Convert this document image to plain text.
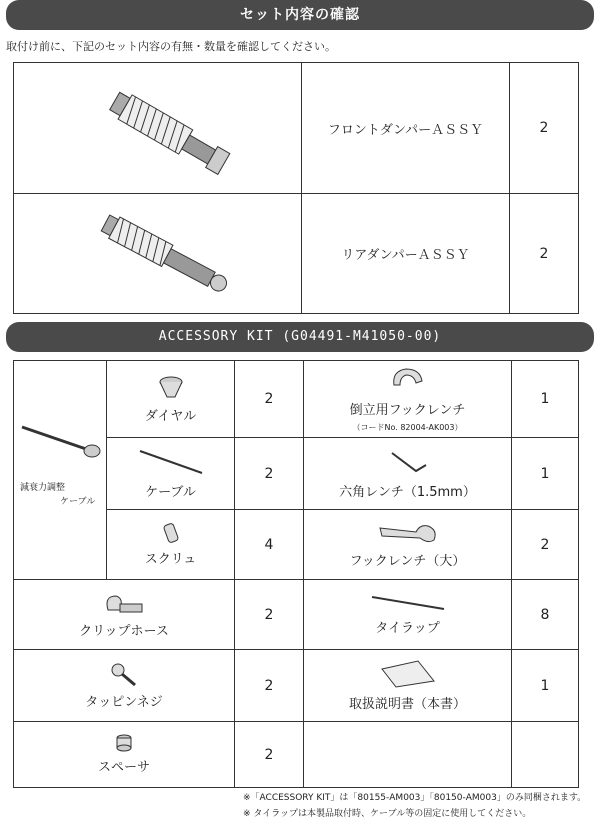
セット内容の確認
取付け前に、下記のセット内容の有無・数量を確認してください。

フロントダンパーＡＳＳＹ	2

リアダンパーＡＳＳＹ	2
ACCESSORY KIT (G04491-M41050-00)
減衰力調整
ケーブル	ダイヤル	2	倒立用フックレンチ
（コードNo. 82004-AK003）	1

	ケーブル	2	六角レンチ（1.5mm）	1

	スクリュ	4	フックレンチ（大）	2

クリップホース		2	タイラップ	8

タッピンネジ		2	取扱説明書（本書）	1

スペーサ		2		
※「ACCESSORY KIT」は「80155-AM003」「80150-AM003」のみ同梱されます。
※ タイラップは本製品取付時、ケーブル等の固定に使用してください。
